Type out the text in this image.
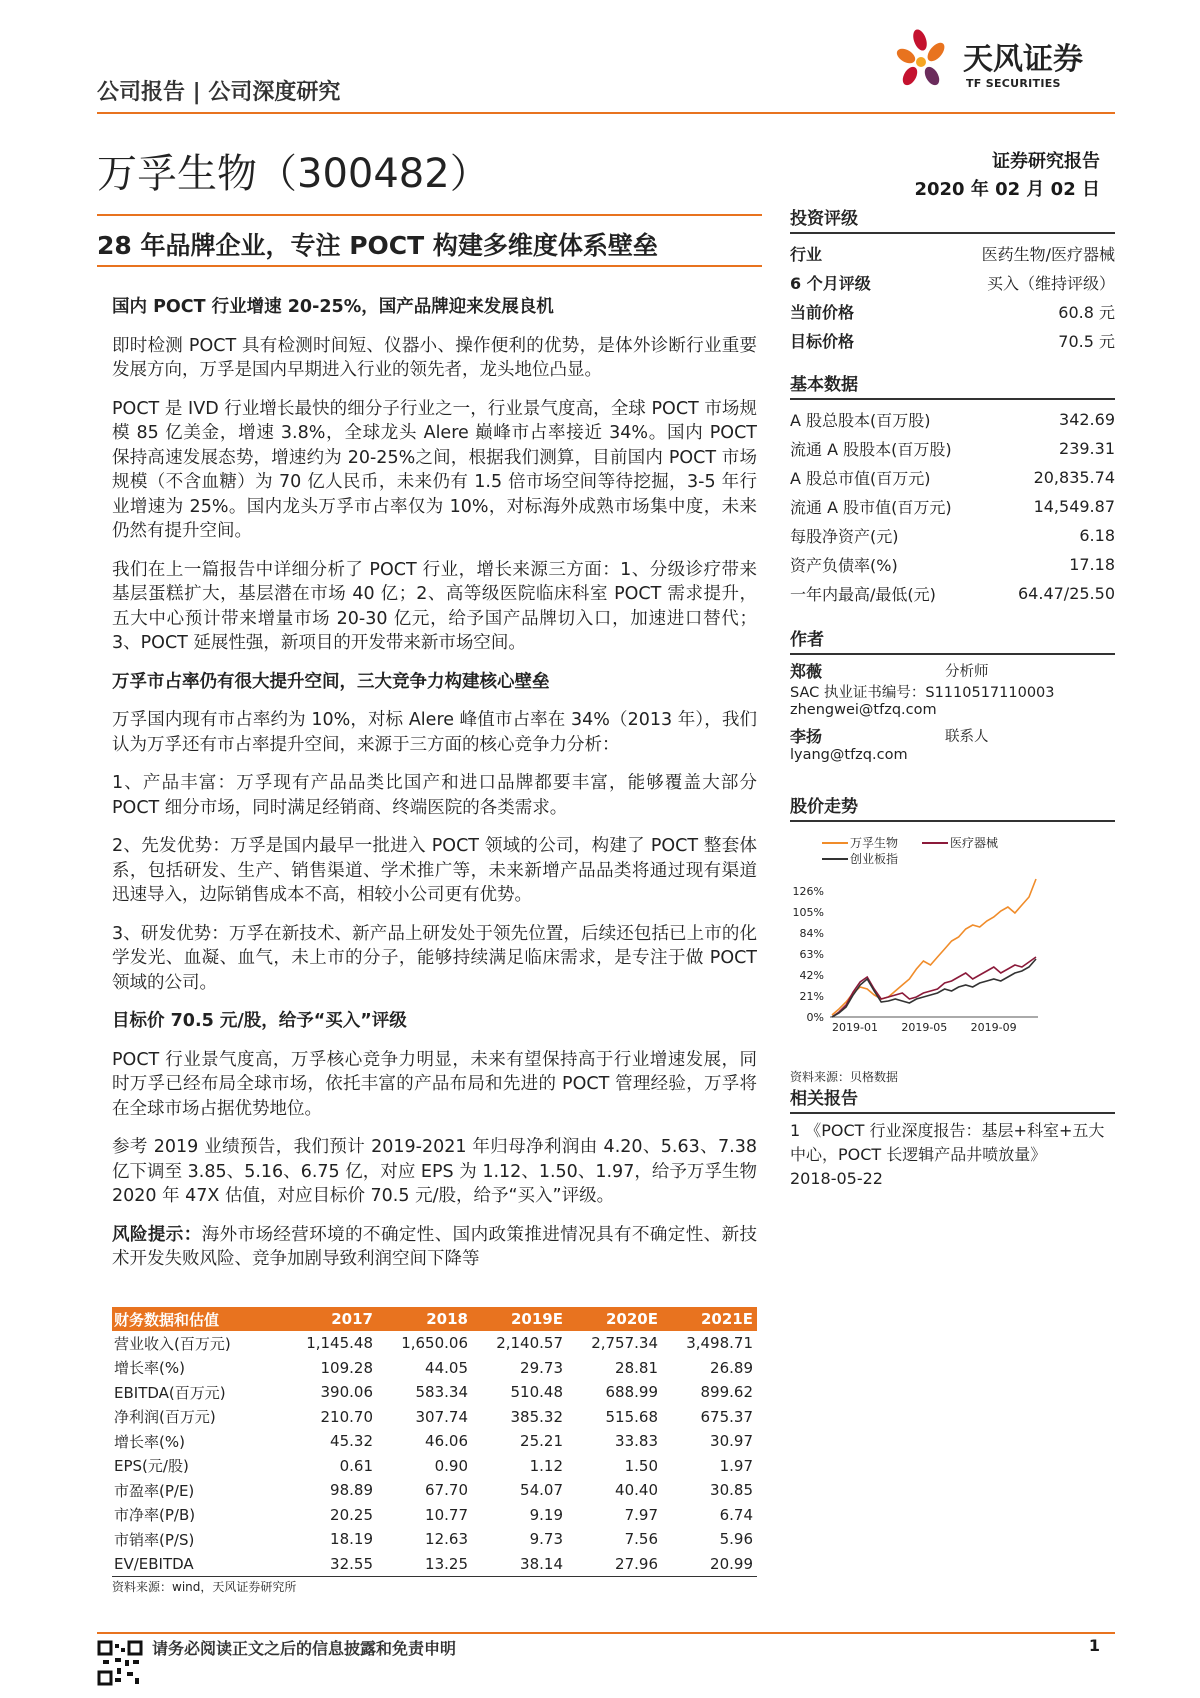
公司报告 | 公司深度研究
天风证券
TF SECURITIES
万孚生物（300482）	证券研究报告
2020 年 02 月 02 日
28 年品牌企业，专注 POCT 构建多维度体系壁垒
国内 POCT 行业增速 20-25%，国产品牌迎来发展良机

即时检测 POCT 具有检测时间短、仪器小、操作便利的优势，是体外诊断行业重要发展方向，万孚是国内早期进入行业的领先者，龙头地位凸显。

POCT 是 IVD 行业增长最快的细分子行业之一，行业景气度高，全球 POCT 市场规模 85 亿美金，增速 3.8%，全球龙头 Alere 巅峰市占率接近 34%。国内 POCT 保持高速发展态势，增速约为 20-25%之间，根据我们测算，目前国内 POCT 市场规模（不含血糖）为 70 亿人民币，未来仍有 1.5 倍市场空间等待挖掘，3-5 年行业增速为 25%。国内龙头万孚市占率仅为 10%，对标海外成熟市场集中度，未来仍然有提升空间。

我们在上一篇报告中详细分析了 POCT 行业，增长来源三方面：1、分级诊疗带来基层蛋糕扩大，基层潜在市场 40 亿；2、高等级医院临床科室 POCT 需求提升，五大中心预计带来增量市场 20-30 亿元，给予国产品牌切入口，加速进口替代；3、POCT 延展性强，新项目的开发带来新市场空间。

万孚市占率仍有很大提升空间，三大竞争力构建核心壁垒

万孚国内现有市占率约为 10%，对标 Alere 峰值市占率在 34%（2013 年），我们认为万孚还有市占率提升空间，来源于三方面的核心竞争力分析：

1、产品丰富：万孚现有产品品类比国产和进口品牌都要丰富，能够覆盖大部分 POCT 细分市场，同时满足经销商、终端医院的各类需求。

2、先发优势：万孚是国内最早一批进入 POCT 领域的公司，构建了 POCT 整套体系，包括研发、生产、销售渠道、学术推广等，未来新增产品品类将通过现有渠道迅速导入，边际销售成本不高，相较小公司更有优势。

3、研发优势：万孚在新技术、新产品上研发处于领先位置，后续还包括已上市的化学发光、血凝、血气，未上市的分子，能够持续满足临床需求，是专注于做 POCT 领域的公司。

目标价 70.5 元/股，给予“买入”评级

POCT 行业景气度高，万孚核心竞争力明显，未来有望保持高于行业增速发展，同时万孚已经布局全球市场，依托丰富的产品布局和先进的 POCT 管理经验，万孚将在全球市场占据优势地位。

参考 2019 业绩预告，我们预计 2019-2021 年归母净利润由 4.20、5.63、7.38 亿下调至 3.85、5.16、6.75 亿，对应 EPS 为 1.12、1.50、1.97，给予万孚生物 2020 年 47X 估值，对应目标价 70.5 元/股，给予“买入”评级。

风险提示：海外市场经营环境的不确定性、国内政策推进情况具有不确定性、新技术开发失败风险、竞争加剧导致利润空间下降等

投资评级
行业	医药生物/医疗器械
6 个月评级	买入（维持评级）
当前价格	60.8 元
目标价格	70.5 元
基本数据
A 股总股本(百万股)	342.69
流通 A 股股本(百万股)	239.31
A 股总市值(百万元)	20,835.74
流通 A 股市值(百万元)	14,549.87
每股净资产(元)	6.18
资产负债率(%)	17.18
一年内最高/最低(元)	64.47/25.50
作者
郑薇	分析师
SAC 执业证书编号：S1110517110003
zhengwei@tfzq.com
李扬	联系人
lyang@tfzq.com
股价走势
万孚生物	医疗器械
创业板指
0%
21%
42%
63%
84%
105%
126%
2019-01 2019-05 2019-09
资料来源：贝格数据
相关报告
1 《POCT 行业深度报告：基层+科室+五大中心，POCT 长逻辑产品井喷放量》
2018-05-22
财务数据和估值	2017	2018	2019E	2020E	2021E
营业收入(百万元)	1,145.48	1,650.06	2,140.57	2,757.34	3,498.71
增长率(%)	109.28	44.05	29.73	28.81	26.89
EBITDA(百万元)	390.06	583.34	510.48	688.99	899.62
净利润(百万元)	210.70	307.74	385.32	515.68	675.37
增长率(%)	45.32	46.06	25.21	33.83	30.97
EPS(元/股)	0.61	0.90	1.12	1.50	1.97
市盈率(P/E)	98.89	67.70	54.07	40.40	30.85
市净率(P/B)	20.25	10.77	9.19	7.97	6.74
市销率(P/S)	18.19	12.63	9.73	7.56	5.96
EV/EBITDA	32.55	13.25	38.14	27.96	20.99
资料来源：wind，天风证券研究所
请务必阅读正文之后的信息披露和免责申明	1
